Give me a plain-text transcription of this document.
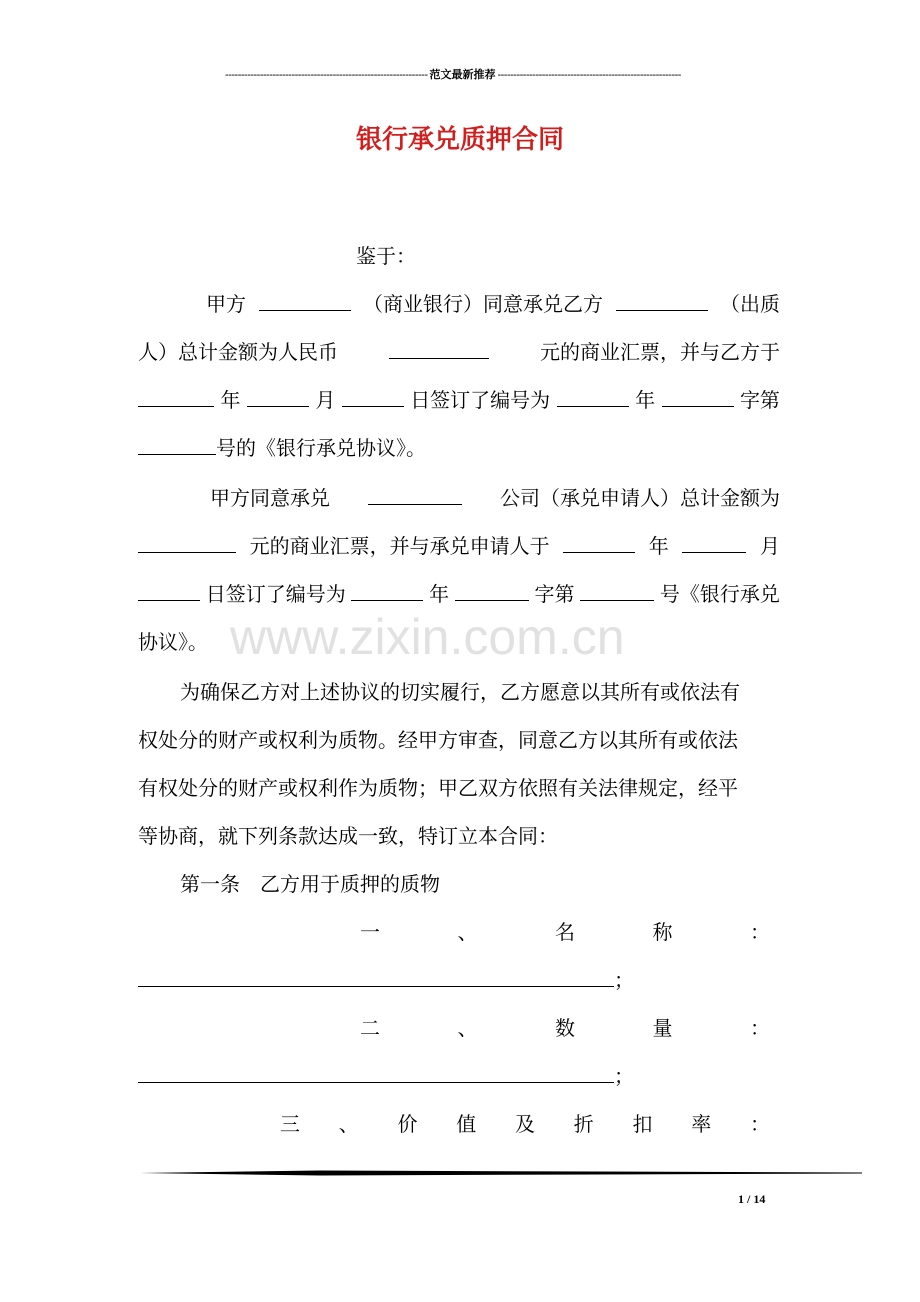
---------------------------------------------------------------- 范文最新推荐 ----------------------------------------------------------
银行承兑质押合同
www.zixin.com.cn
鉴于：
甲方	（商业银行）同意承兑乙方	（出质
人）总计金额为人民币	元的商业汇票，并与乙方于
年	月	日签订了编号为	年	字第
号的《银行承兑协议》。
甲方同意承兑	公司（承兑申请人）总计金额为
元的商业汇票，并与承兑申请人于	年	月
日签订了编号为	年	字第	号《银行承兑
协议》。
为确保乙方对上述协议的切实履行，乙方愿意以其所有或依法有
权处分的财产或权利为质物。经甲方审查，同意乙方以其所有或依法
有权处分的财产或权利作为质物；甲乙双方依照有关法律规定，经平
等协商，就下列条款达成一致，特订立本合同：
第一条　乙方用于质押的质物
一	、	名	称	：
；
二	、	数	量	：
；
三 、 价 值 及 折 扣 率 ：
1 / 14
